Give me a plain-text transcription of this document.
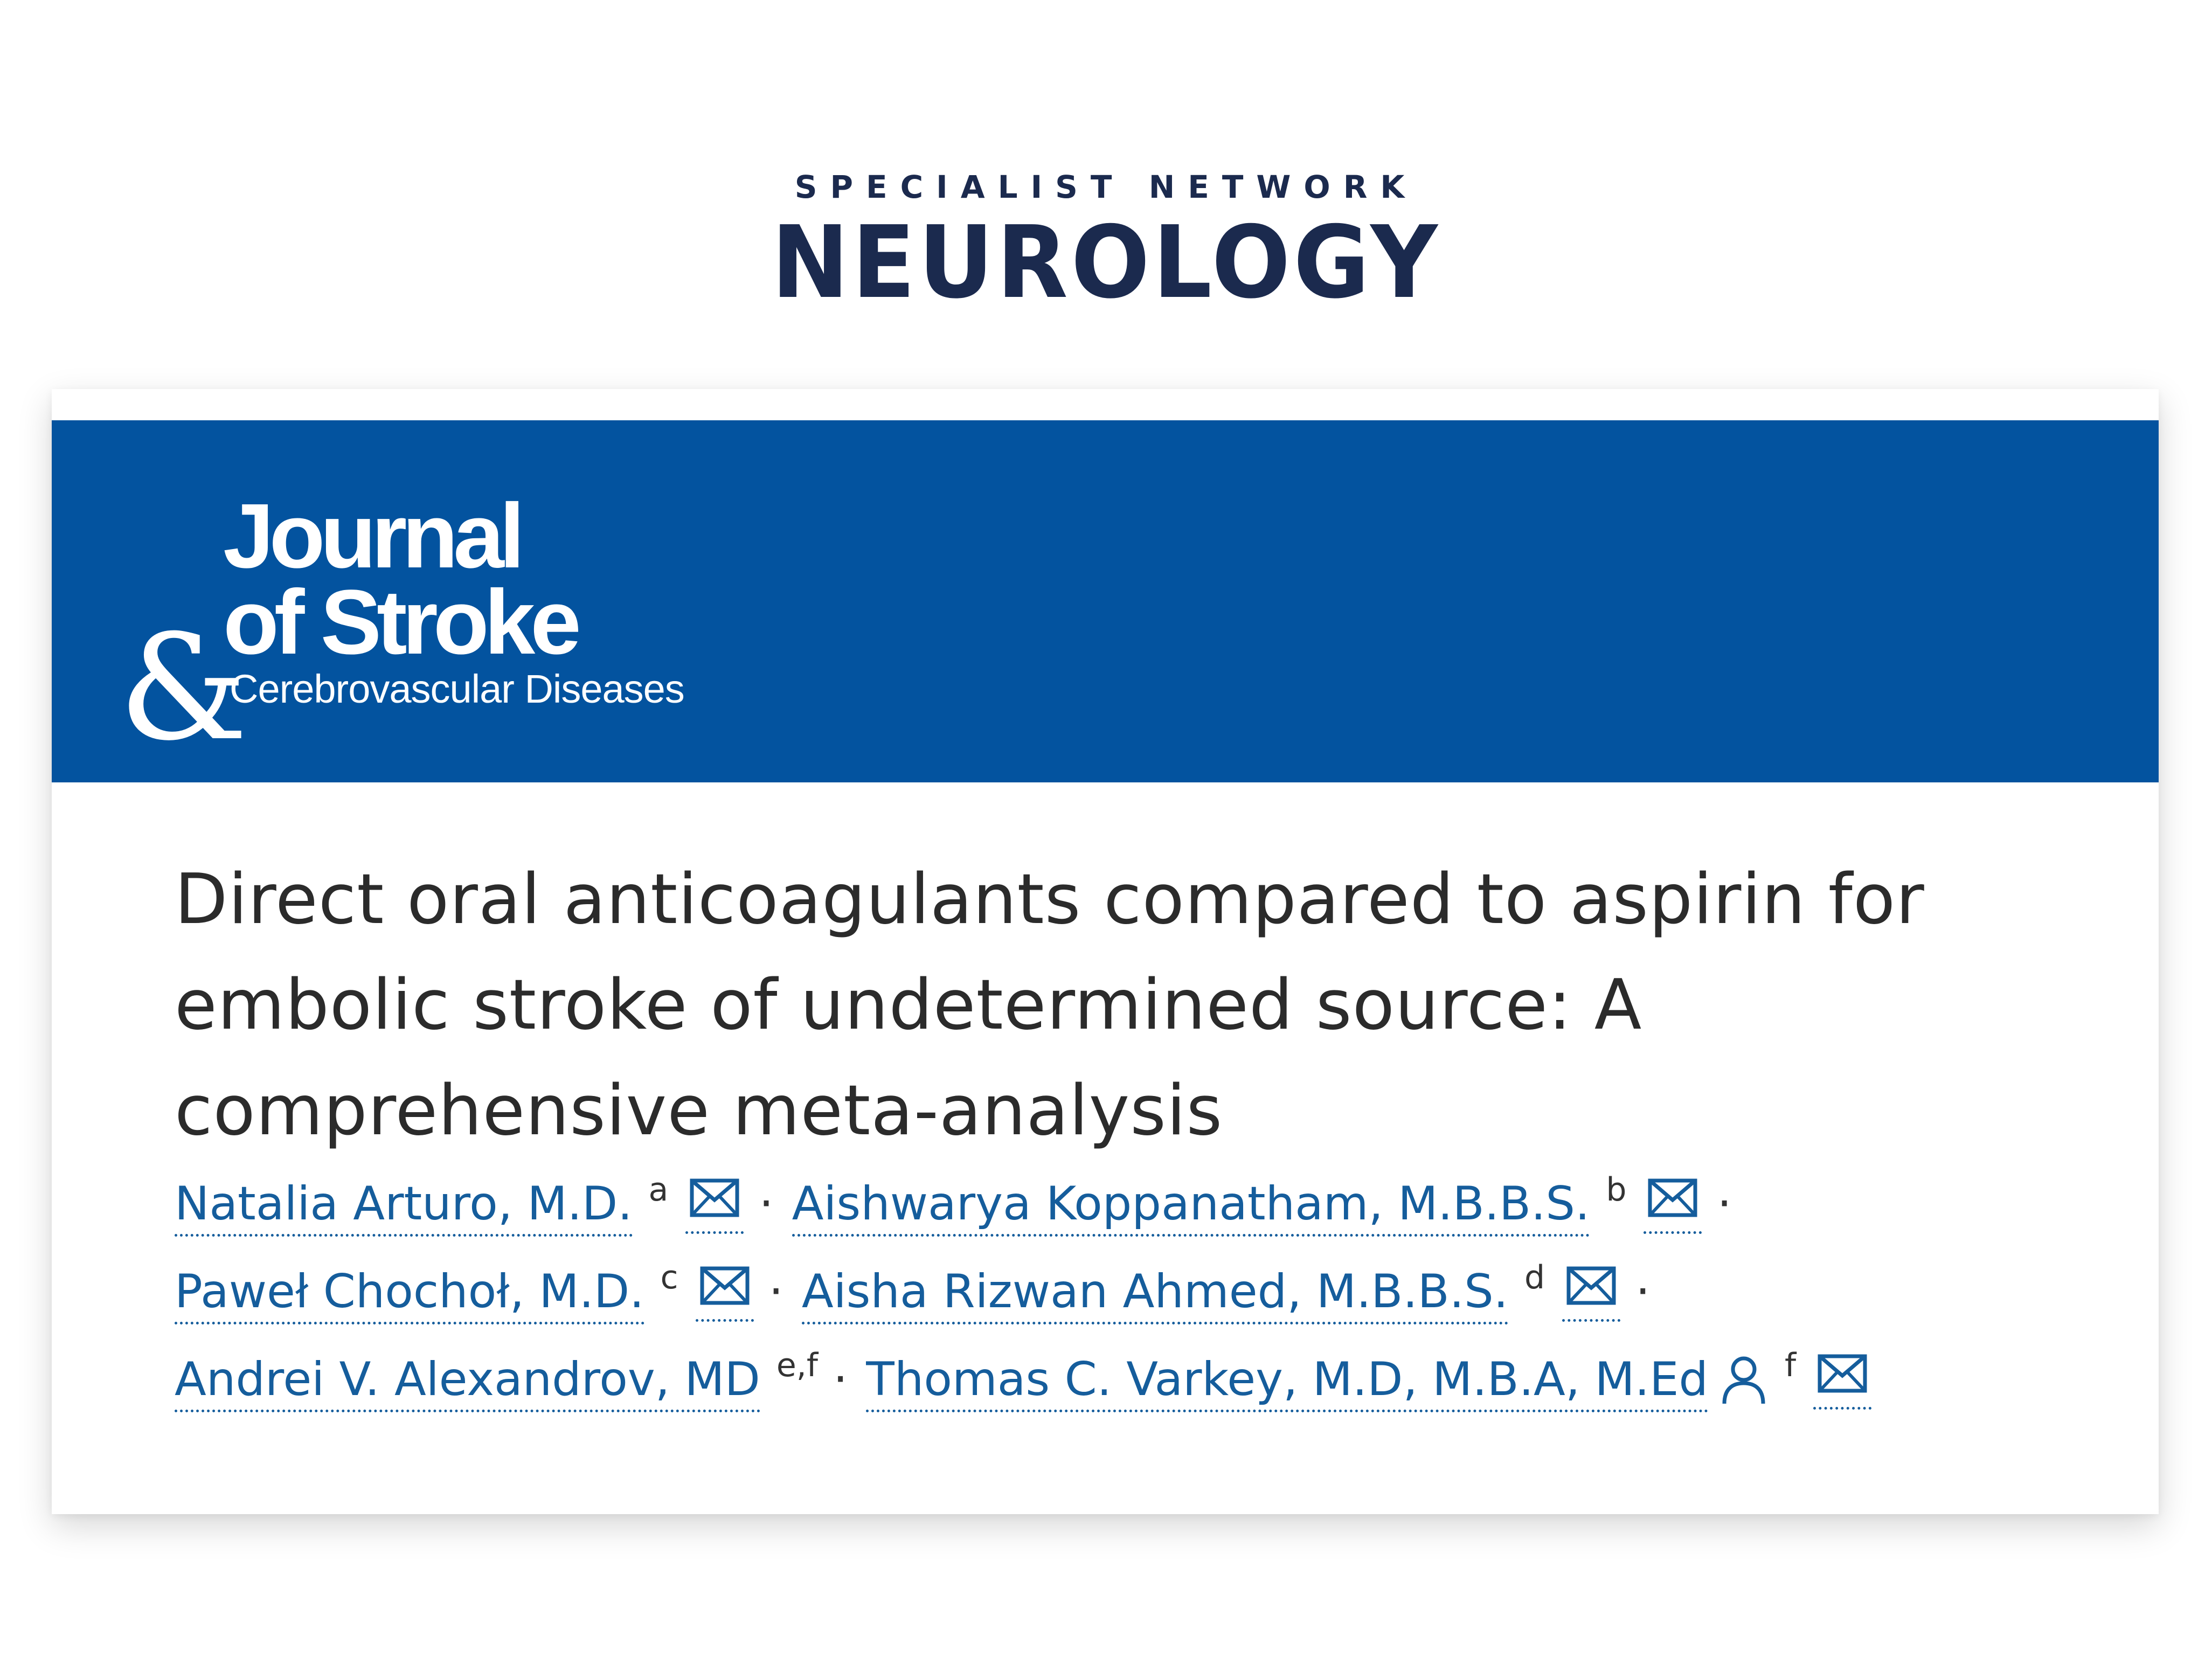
SPECIALIST NETWORK
NEUROLOGY
Journal
of Stroke
&
Cerebrovascular Diseases
Direct oral anticoagulants compared to aspirin for
embolic stroke of undetermined source: A
comprehensive meta-analysis
Natalia Arturo, M.D. a · Aishwarya Koppanatham, M.B.B.S. b ·
Paweł Chochoł, M.D. c · Aisha Rizwan Ahmed, M.B.B.S. d ·
Andrei V. Alexandrov, MD e,f · Thomas C. Varkey, M.D, M.B.A, M.Ed f
